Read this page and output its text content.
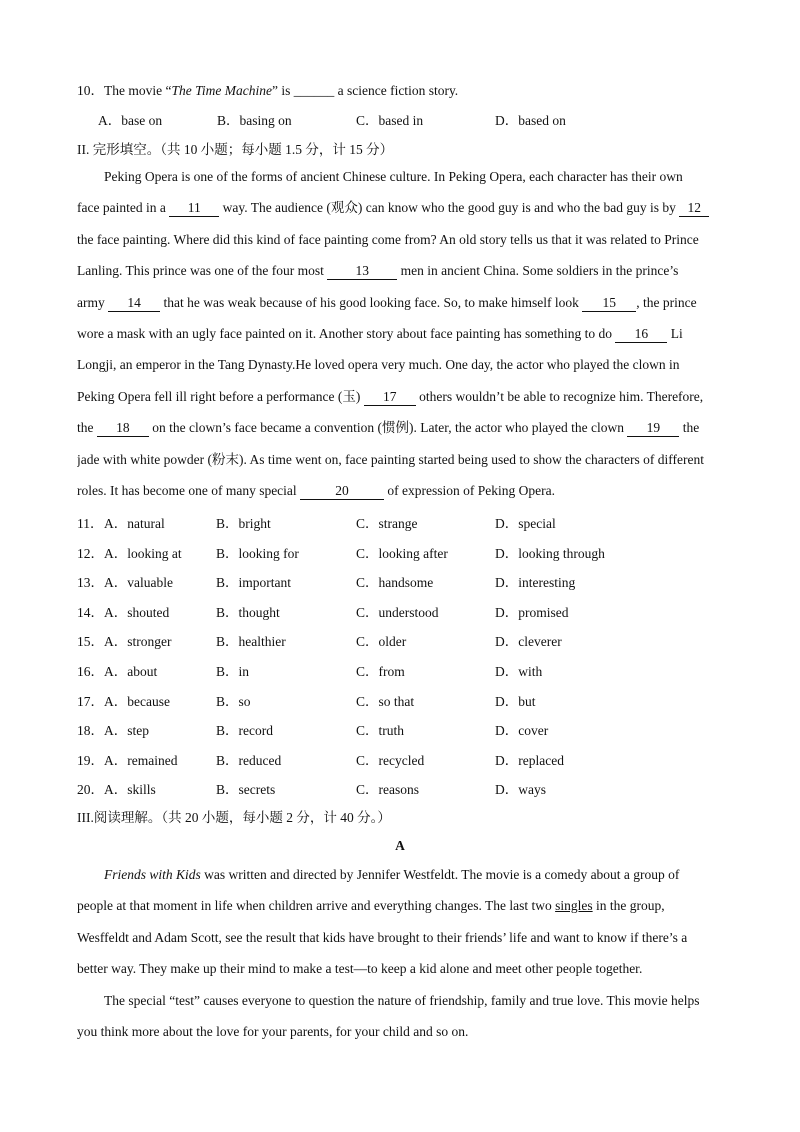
10．The movie “The Time Machine” is ______ a science fiction story.
A．base on	B．basing on	C．based in	D．based on
II. 完形填空。（共 10 小题；每小题 1.5 分，计 15 分）
Peking Opera is one of the forms of ancient Chinese culture. In Peking Opera, each character has their own
face painted in a 11 way. The audience (观众) can know who the good guy is and who the bad guy is by 12
the face painting. Where did this kind of face painting come from? An old story tells us that it was related to Prince
Lanling. This prince was one of the four most 13 men in ancient China. Some soldiers in the prince’s
army 14 that he was weak because of his good looking face. So, to make himself look 15 , the prince
wore a mask with an ugly face painted on it. Another story about face painting has something to do 16 Li
Longji, an emperor in the Tang Dynasty.He loved opera very much. One day, the actor who played the clown in
Peking Opera fell ill right before a performance (玉) 17 others wouldn’t be able to recognize him. Therefore,
the 18 on the clown’s face became a convention (惯例). Later, the actor who played the clown 19 the
jade with white powder (粉末). As time went on, face painting started being used to show the characters of different
roles. It has become one of many special	20	of expression of Peking Opera.
11． A．natural	B．bright	C．strange	D．special
12． A．looking at	B．looking for	C．looking after	D．looking through
13． A．valuable	B．important	C．handsome	D．interesting
14． A．shouted	B．thought	C．understood	D．promised
15． A．stronger	B．healthier	C．older	D．cleverer
16． A．about	B．in	C．from	D．with
17． A．because	B．so	C．so that	D．but
18． A．step	B．record	C．truth	D．cover
19． A．remained	B．reduced	C．recycled	D．replaced
20． A．skills	B．secrets	C．reasons	D．ways
III.阅读理解。（共 20 小题，每小题 2 分，计 40 分。）
A
Friends with Kids was written and directed by Jennifer Westfeldt. The movie is a comedy about a group of
people at that moment in life when children arrive and everything changes. The last two singles in the group,
Wesffeldt and Adam Scott, see the result that kids have brought to their friends’ life and want to know if there’s a
better way. They make up their mind to make a test—to keep a kid alone and meet other people together.
The special “test” causes everyone to question the nature of friendship, family and true love. This movie helps
you think more about the love for your parents, for your child and so on.
